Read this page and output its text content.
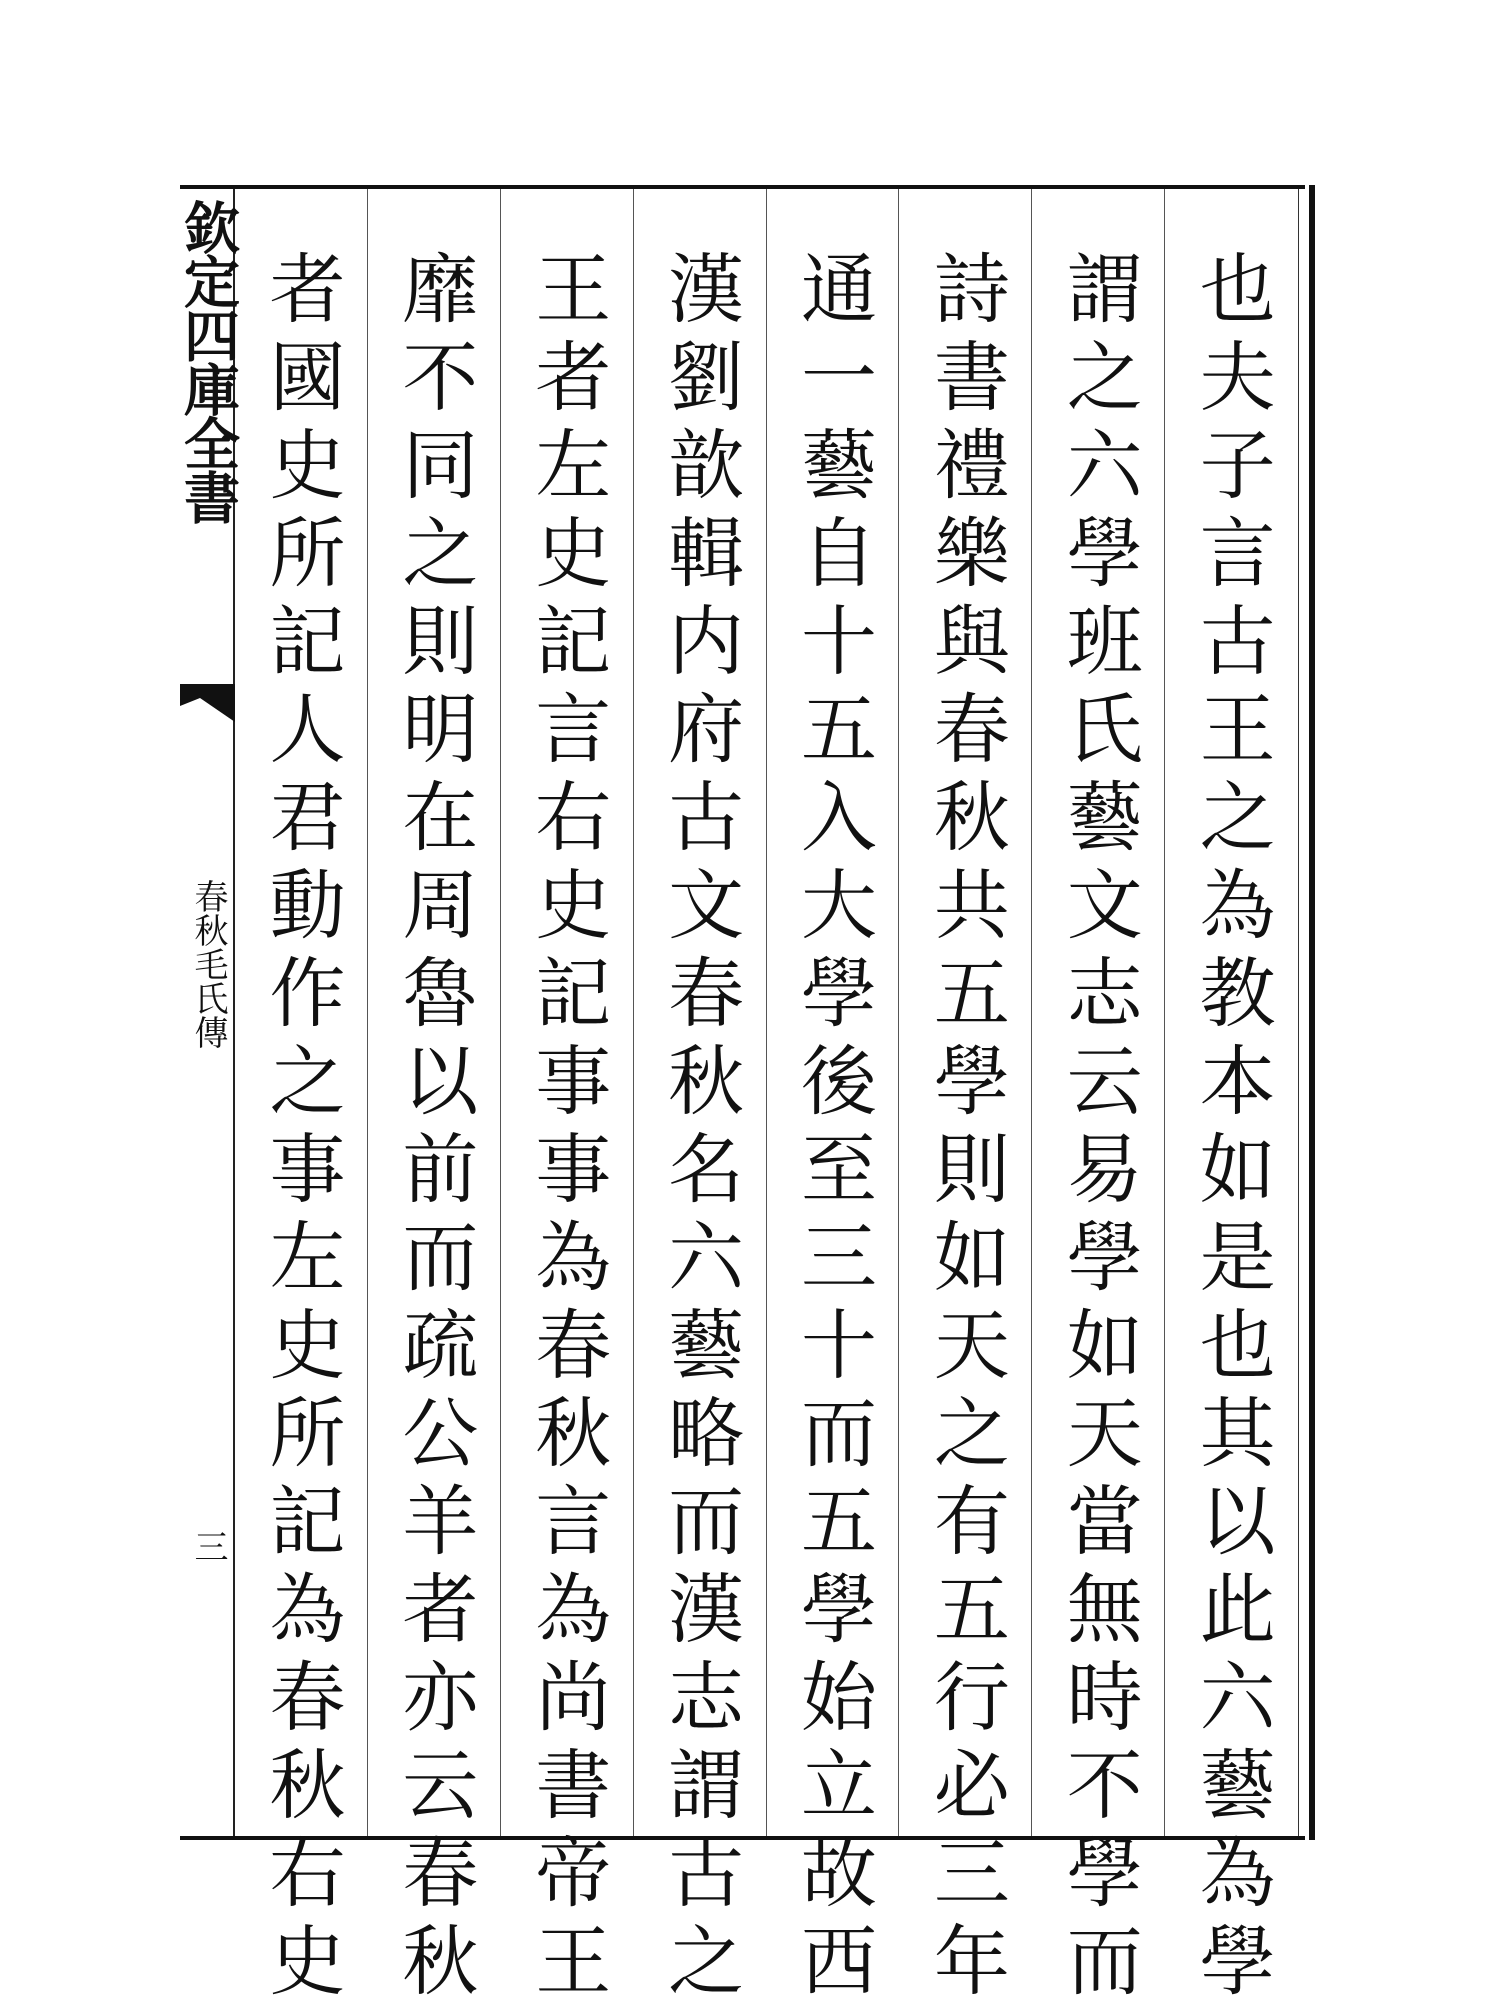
欽定四庫全書
春秋毛氏傳
三	也夫子言古王之為教本如是也其以此六藝為學
謂之六學班氏藝文志云易學如天當無時不學而
詩書禮樂與春秋共五學則如天之有五行必三年
通一藝自十五入大學後至三十而五學始立故西
漢劉歆輯内府古文春秋名六藝略而漢志謂古之
王者左史記言右史記事事為春秋言為尚書帝王
靡不同之則明在周魯以前而疏公羊者亦云春秋
者國史所記人君動作之事左史所記為春秋右史
